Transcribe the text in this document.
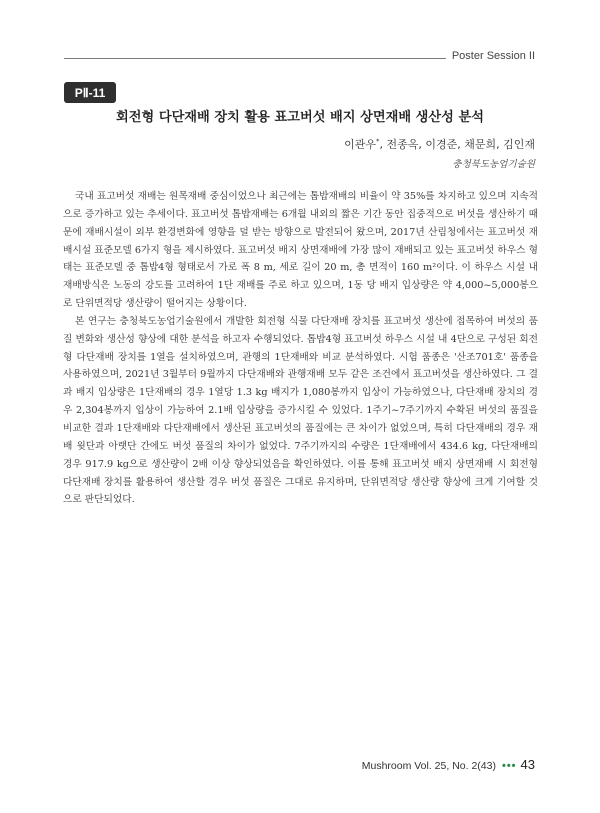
Poster Session II
PⅡ-11
회전형 다단재배 장치 활용 표고버섯 배지 상면재배 생산성 분석
이관우*, 전종옥, 이경준, 채문희, 김인재
충청북도농업기술원

국내 표고버섯 재배는 원목재배 중심이었으나 최근에는 톱밥재배의 비율이 약 35%를 차지하고 있으며 지속적으로 증가하고 있는 추세이다. 표고버섯 톱밥재배는 6개월 내외의 짧은 기간 동안 집중적으로 버섯을 생산하기 때문에 재배시설이 외부 환경변화에 영향을 덜 받는 방향으로 발전되어 왔으며, 2017년 산림청에서는 표고버섯 재배시설 표준모델 6가지 형을 제시하였다. 표고버섯 배지 상면재배에 가장 많이 재배되고 있는 표고버섯 하우스 형태는 표준모델 중 톱밥4형 형태로서 가로 폭 8 m, 세로 길이 20 m, 총 면적이 160 m²이다. 이 하우스 시설 내 재배방식은 노동의 강도를 고려하여 1단 재배를 주로 하고 있으며, 1동 당 배지 입상량은 약 4,000~5,000봉으로 단위면적당 생산량이 떨어지는 상황이다.

본 연구는 충청북도농업기술원에서 개발한 회전형 식물 다단재배 장치를 표고버섯 생산에 접목하여 버섯의 품질 변화와 생산성 향상에 대한 분석을 하고자 수행되었다. 톱밥4형 표고버섯 하우스 시설 내 4단으로 구성된 회전형 다단재배 장치를 1열을 설치하였으며, 관행의 1단재배와 비교 분석하였다. 시험 품종은 '산조701호' 품종을 사용하였으며, 2021년 3월부터 9월까지 다단재배와 관행재배 모두 같은 조건에서 표고버섯을 생산하였다. 그 결과 배지 입상량은 1단재배의 경우 1열당 1.3 kg 배지가 1,080봉까지 입상이 가능하였으나, 다단재배 장치의 경우 2,304봉까지 입상이 가능하여 2.1배 입상량을 증가시킬 수 있었다. 1주기~7주기까지 수확된 버섯의 품질을 비교한 결과 1단재배와 다단재배에서 생산된 표고버섯의 품질에는 큰 차이가 없었으며, 특히 다단재배의 경우 재배 윗단과 아랫단 간에도 버섯 품질의 차이가 없었다. 7주기까지의 수량은 1단재배에서 434.6 kg, 다단재배의 경우 917.9 kg으로 생산량이 2배 이상 향상되었음을 확인하였다. 이를 통해 표고버섯 배지 상면재배 시 회전형 다단재배 장치를 활용하여 생산할 경우 버섯 품질은 그대로 유지하며, 단위면적당 생산량 향상에 크게 기여할 것으로 판단되었다.

Mushroom Vol. 25, No. 2(43) ••• 43
